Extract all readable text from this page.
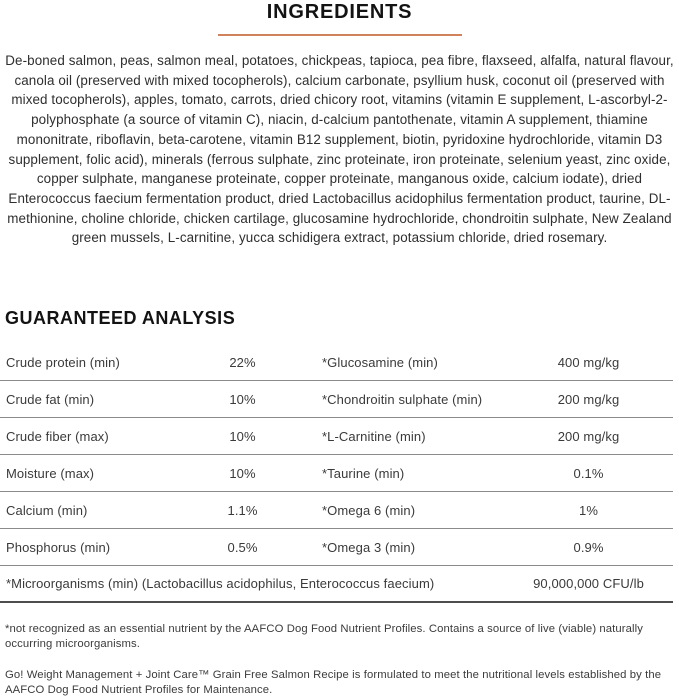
INGREDIENTS

De-boned salmon, peas, salmon meal, potatoes, chickpeas, tapioca, pea fibre, flaxseed, alfalfa, natural flavour, canola oil (preserved with mixed tocopherols), calcium carbonate, psyllium husk, coconut oil (preserved with mixed tocopherols), apples, tomato, carrots, dried chicory root, vitamins (vitamin E supplement, L-ascorbyl-2-polyphosphate (a source of vitamin C), niacin, d-calcium pantothenate, vitamin A supplement, thiamine mononitrate, riboflavin, beta-carotene, vitamin B12 supplement, biotin, pyridoxine hydrochloride, vitamin D3 supplement, folic acid), minerals (ferrous sulphate, zinc proteinate, iron proteinate, selenium yeast, zinc oxide, copper sulphate, manganese proteinate, copper proteinate, manganous oxide, calcium iodate), dried Enterococcus faecium fermentation product, dried Lactobacillus acidophilus fermentation product, taurine, DL-methionine, choline chloride, chicken cartilage, glucosamine hydrochloride, chondroitin sulphate, New Zealand green mussels, L-carnitine, yucca schidigera extract, potassium chloride, dried rosemary.

GUARANTEED ANALYSIS
Crude protein (min)	22%	*Glucosamine (min)	400 mg/kg
Crude fat (min)	10%	*Chondroitin sulphate (min)	200 mg/kg
Crude fiber (max)	10%	*L-Carnitine (min)	200 mg/kg
Moisture (max)	10%	*Taurine (min)	0.1%
Calcium (min)	1.1%	*Omega 6 (min)	1%
Phosphorus (min)	0.5%	*Omega 3 (min)	0.9%
*Microorganisms (min) (Lactobacillus acidophilus, Enterococcus faecium)	90,000,000 CFU/lb

*not recognized as an essential nutrient by the AAFCO Dog Food Nutrient Profiles. Contains a source of live (viable) naturally occurring microorganisms.

Go! Weight Management + Joint Care™ Grain Free Salmon Recipe is formulated to meet the nutritional levels established by the AAFCO Dog Food Nutrient Profiles for Maintenance.
